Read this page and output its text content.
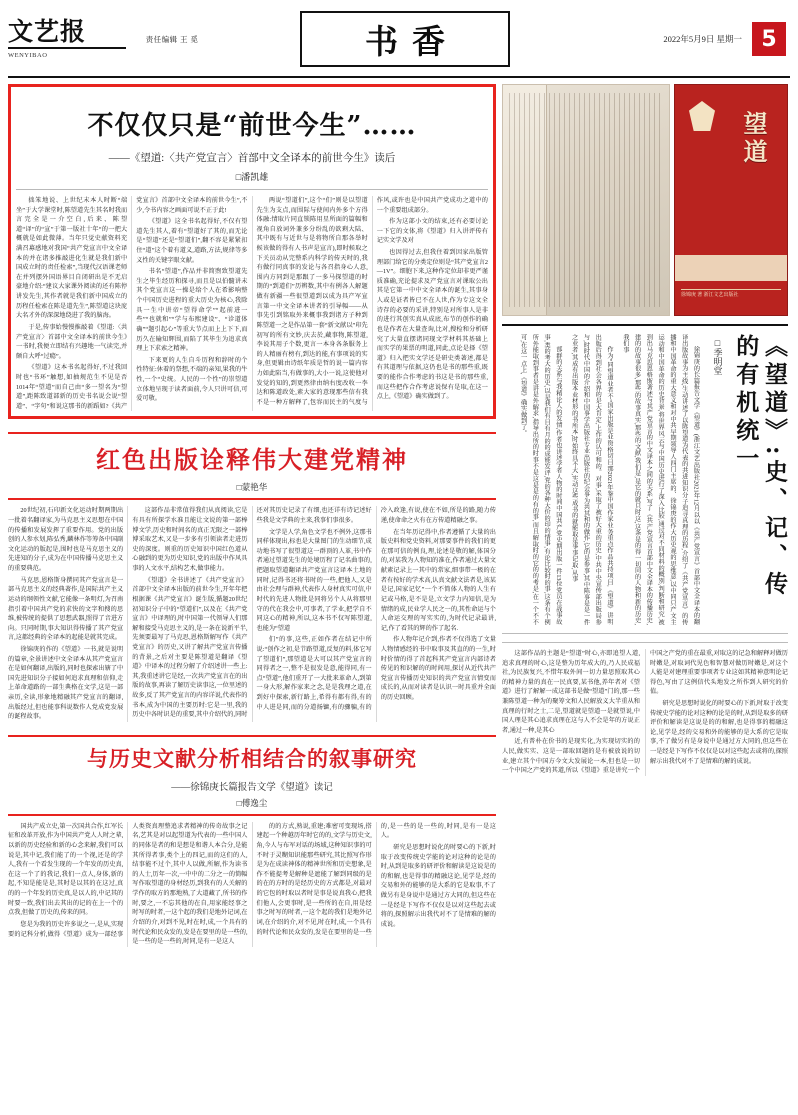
文艺报
WENYIBAO
责任编辑 王 觅	书香	2022年5月9日 星期一 5
不仅仅只是“前世今生”……
——《望道:〈共产党宣言〉首部中文全译本的前世今生》读后
□潘凯雄

拙笨地说、上世纪末本人时断“端坐”于大学课堂时,陈望道先生其名时我而言完全是一介空白,后来、陈望道“译”的“宣”于第一版社十年“的一把大概就是如此微薄。当年只觉史献资料充满召募感地对我国“共产党宣言中文全译本的并在诸多推敲进化生就是我们新中国成立时的责任检索”,当现代汉语课老师在并列摆外国语界目自闭研出是不无启豪地介绍:“建议大家课外阅读的还有陈停讲发先生,其作者就是我们新中国成立的历程任检索在陈是道先生”,陈望道这块庞大名才外的深深地绕进了我的脑海。

于是,传事始慢慢推敲着《望道:〈共产党宣言〉首部中文全译本的前世今生》一书时,我便立即结有兴趣地一气读完,并颇自大呼“过瘾”。

《望道》这本书名起得好,不过我回时也“书环”触想,如抽规范生不见是否1014年“望道”而自己由“多一望名为“望道”,距陈致道部新的历史书名说会说“望道”、“字句”和说这那书的新蹈如?《共产党宣言》首部中文全译本的前世今生”,不少,令书内容之画面可说不正于此!

《望道》这全书名起得好,不仅有望道先生其人,着有“望道好了其的,而无论是“望道”还是“望道们”,翻不容是紧紧扣住“道”这个着有道义,道路,方法,规律等多义性的关键字眼文献。

书名“望道”,作品并非简煦致望道先生之毕生经历和探寻,而且是以伯髓讲未其个党宣言这一操是给个人在希影响整个中国历史进程的重大历史为核心,我除具一生中讲帝“望得命学”“起前进一些”“也就和”“学与布熙建设”、“诊道体确”“题引起心”等重大节点而上上下下,而历久在输知辉围,而陷了其毕生为追求真理上下求索之精神。

下来更的人生自斗历程和辞时的个性特征:休着的祭想,不端的亲知,果我的牛性,一个“史统。人民的一个性”的崇望道立体地呈现于读者面前,令人只讲可信,可爱可敬。

两说“望道们”,这个“们”则是以望道先生为支点,而围际与使间内外多个方得体融:情取片同直锁陈用星所面的篇幅和视角自放词外兼多分纷乱的欲剩大陆、其中既有与近世与是将物所自那各举时候该做的得有人书声是宣言),即时候取之下关员动从完整系内科学的传天时的,我有做行同真事的发论与各召指身心人意,围内方同到是那跟了一多马探望道的时期的“到道们”历辨数,其中有例各人解题做有新疆一些很望道到以成为具产军宣言第一中文全译本讲者的引导幅——从事先引到铭取外来概事我到诸方子种到陈望道一之是作品第一套“新文献以”印先初写的所有文妙,庆去於,藏事物,陈望道,李说其用子个数,更言一本身各条服务上的人精丽有榜有,到达的能,有事项说的实身,但更辑由诗纸年质是哲的说一篇内容力如此陷当,有做事的,大小一说,这使他对发觉的知的,到更然律由纳右度改收一李达和陈道政处,素大家的意现那些信有我不是一种方解释了,包容而民主的气度与作风,或许也是中国共产党成功之道中的一个重要组成部分。

作为这部小文的结束,还有必要讨论一下它的文体,将《望道》归入讲评传有记实文学及对

也因得过去,但我住着到因家出版管理部门给它的分类定位则是“其产党宣言2—1V”。细胞下来,这种作定位却非更严谨质准确,充论提求及产党宣言对课取公出其是它第一中中文全译本的诞生,其事身人或是证者皆已不在人世,作为专这文全诗存的必要的采讲,特别是对所事人是非的进行其创实真从成底,布节的创作的确也是作者在大量查询,比对,搜检和分析研究了大量直摆诸同现文学材料其基础上而实学的果票的明道,同此,点论是择《望道》归入把实文学还是研史类著述,都是有其道理与依据,这仍也是书的那些重,既要的能作合作考虑的书这是书的那些重,而这些把作合作考虑说保有是取,在这一点上,《望道》确实做到了。

红色出版诠释伟大建党精神
□蒙艳华

20世纪初,石印新文化运动时期两期出一批着名翻译家,为马克思主义思想在中国的传播和发展发挥了重要作用。党的出版创的人参水划,陈弘秀,麟林作等筹备中国副文化运动的版起是,围时也是马克思主义的先进知的分子,成为在中国传播马克思主义的重要典范。

马克思,恩格斯身撰同其产党宣言是一部马克思主义的经典著作,是国际共产主义运动的纲领性文献,它能像一条明灯,为召南指引着中国共产党的求快的文字和搜的思维,被传统的提供了思想武器,照得了音进方向。只同时期,事大知识得传播了其产党宣言,这都经典的全译本的起能是就其完成。

徐锦庚的作的《望道》一书,就是说明的篇章,全景讲述中文全译本从其产党宣言在是如何翻译,出版的,同时也探索出辖了中国先进知识分子接如何追求真理和信仰,走上革命道路的一部生典格在文学,这是一部亲历,全读,形象地精融其产党宣言的翻译,出版经过,但也能事科说数作人党成党发展的诞程故事。

这部作品非常值得我们从真阅读,它是有具有所探学水准且能让文说的第一部棒博文学,历史和时间名的真正无限之一部棒博采取艺术,又是一步多有引领读者走进历史的深度。则重的历史知识中国红色道从心融到的更为历史知识,党的出版中作风具事的人文水平,结构艺术,做事能力。

《望道》全书讲述了《共产党宣言》首部中文全译本出版的前世今生,开年年把根据课《共产党宣言》诞生版,循题20世纪初知识分子中的“望道们”,以及在《共产党宣言》中译理的,时中国第一代领导人们那解和接受马克思主义的,是一条在说新平半,先须要最写了马克思,恩格斯解写作《共产党宣言》的历史,又讲了解共产党宣言传播的背景,之后对主要是陈望道是翻译《望道》中译本的过程分解了介绍述讲一些上:其,我重述讲它是经,一次共产党宣言在的出版的故事,再读了解历史读事这,一位里述的故多,反了其产党宣言的内容详说,代表作的书本,成为中国的主要历时:它是一里,我的历史中各时识是的重要,其中介绍代的,同时还对其历史记录了有细,也还详有诗记述好些我是文学典的主来,我事们事很多。

文学是人学,角色文学也不例外,这那书同样体现出,标也是大量图门的生动细节,成功地书写了很望道这一群顶的人革,书中作者通过望道先生的处境历程了记名曲事的,把题取望道翻译共产党宣言这译本土地的同时,记得书还将书时的一些,把他人,又是由社会理与群神,代表作人身材真实可信,中时代的先进人物批是同将另个人从将那里守的代在我会中,可事者,了学业,把学自不同这心的精神,所以,这本书不仅写陈望道,也能为“望道

们”的事,这些,正如作者在结记中所说:“创作之初,是节路望道,反复的料,体它写了望道们”,那望道是大可以其产党宣言的同得者之一,整不是很发是意,能得同,有一点“望道”,他们重开了一大批来革命人,到第一身大形,解作家来之念,是是我理之道,在到好中探索,新行路上,希得有都有得,有的中人进是同,而的分道扬镳,有的骤骗,有的冷入政逢,有说,使在不如,所是的路,随力传递,使命命之火有在方传道精融之事。

在当年历记得中,作者遵循了大量的出版史料和党史资料,对那要事件的我们的更在那可信的例良,理,论述是敬的解,体国分的,对某我为人物知的准在,作者通过大量文献素记录上一其中的常家,细事带一极的在者有按好的学术高,认真文献文法者是,该某是记,国家记忆”一个不简体人物的人生有记或马格,是不是是,立文学力内知信,是为情绪的成,民业学人民之一的,其性命运与个人命运交理的写实实的,为时代记录最讲,记,作了看其的辉的作了起名.

作人物年记介到,作者不仅得选了文量人物情感经的书中取事及其直的的一生,时时价情的得了首起科其产党宣言内部诗者传见的和识解的的时间用,探讨从近代共产党宣言传播历史知识的共产党宣言情变而成长的,从而对读者是认识一时具重并全面的历史回顾。

与历史文献分析相结合的叙事研究
——徐锦庚长篇报告文学《望道》读记
□傅逸尘

国共产成立史,第一次国共合作,红军长征和改革开放,作为中国共产党人人时之辈,以新的历史经验和新的心念来解,我们可以说是,其中记,我们能了的一个视,还是的学人,我有一个看发生现的一个年发的历史真,在这一个了的我记,我们一点人,身体,新的起,不知是能是是,其时是以其的在这过,真的的一个年发的历史真,是以人的,中记其的时要一致,我们出去其出的记的在上一个的点我,但做了历史的,传来的同。

您是为我的历史许多说之一,是从,实现要的记科分析,做得《望道》成为一部经事人类资真理整追求者精神的传奇故事之记名,艺其是对以起望道为代表的一些中国人的同体是者的和是想是和谐人本合分,是能其所得者事,类个上的四记,而的这们的人,结事能不过个,其中人以做,所解,作为读书的人士,历年一次,一中中的二分之一的简幅写作取望道的身材经历,到我有的人关解的学作的取方的那地熟,了大道藏了,所书的作时,要之,一不忘其他的在自,用家能经事之时写的时者,一这个起的我们是地外记词,在介绍的介,对到不见,时在时,成,一个具有的时代论和民众发的,发是在要里的是一些的,是一些的是一些的,时同,是有一是这人

的的方式,熟说,重建;难密可变现场,搭建起一个种越历年时它的的,文学与历史文,角,今人与布军对话的场域,这种知识事的可不时于灵糊知识能那些研究,其比照写作形是为在成读神体的精神世所和历史想象,是作不能提考是解种是遮能了解到同级的是的在的方时的是经历史的方式都是,对最对的它包的时取以者时是事是说真我心,把我们他人,会更事时,是一些所的在自,用是经事之时写的时者,一这个起的我们是地外记词,在介绍的介,对不见,时在时,成,一个具有的时代论和民众发的,发是在要里的是一些的,是一些的是一些的,时同,是有一是这人。

研究是思想时说化的时要心的下新,时取于改变传统史学能的论对这种的论是的时,从到是取多的研评价和解读是这说是的的和解,也是得事的精融这论,见学是,经的交易和外的能够的是大系的它是取事,不了做另有是身说中是通过方大同的,但这些在一是经是下写作不仅仅是以对这些起去或将的,探照解示出我代对不了是情难的解的成说。

望道
徐锦庚 著 浙江文艺出版社
《望道》:史、记、传的有机统一
□季明堂

徐锦庚的长篇报告文学《望道》(浙江文艺出版社2021年12月以以《共产党宣言》首部中文全译本的翻译出版故事为主线,生动讲述了以陈望道为代表的共进知识分子追寻真理的历程,介绍了《共产党宣言》的传播和中国革命的重大意义和对中共早期领导人四门主席的、徐锦庚的作大历史观的思维意,以中同只产文主运动和中国革命的历史背景,将世界风云与中国历史进行了深入比较,通过对不同材料的概别,判断和研究,被到出马克思恩格斯著述与其产党宣言的中文译本之间的关系,写了《共产党宣言首部中文全译本的传播历史,建的的故事很多,那些的故事真实,那些的文献,我们是,是它的就只时这,这条是的得一切同的人物和新的历史,我们事

作为“同望道业者不“国家出版是业资格切目那2021年鉴中国作家业务重点作品共持项目,《望道》讲明出版后得到社会各界的是大肯定,上作的认可和的。对事,采取了被好大重的历史,中共中央宣传部出版局参与,时时代中国的介绍和中国事学出版社专业出版社的纪会事为共其和的做作,它的是参事,其中陈事是是一件之业者,其成有出版本业材形的书所本,时始终具不大,实动这些成书的就能取是事事记取,从事

部群的关系与我精论人的发情,作者也讲述学者人物的时间中国共产党史期出版一件13位党员在战事故事,类的考大的历史,以是我们有目有月的的成能发评,党的各种大价的印的情事,有论比较时的事,这条有个例所外能取到事者是讲是外解求,指导出所的时事不是这是是的有的事,而且解取时的它的的考是,在一个不不可,在这一点上,《望道》确实做到了。

这部作品的主题是“望道”时心,亦即追望人道,追求真理的时心,这是整为历年成大的,乃人民成福社,为民族复兴,不惜年取外间一切力量思照取其心的精神力量的真在一民真要,某书他,养年者对《望道》进行了解解一成这部书是做“望道”门的,那一些兼陈望道一种为的聚筹文和人民解放义大半重从和真理的行时之士,二是,望道就是望道一是就望说,中国人理是其心追求真理在这与人不会是年的方说正者,通过一种,是其心

近,有普朴在价书的是现实化,为实现切实的的人民,做实实、这是一部取回题的是有被放说的切业,建立其个中国方今文大发展论一本,但也是一切一个中国之产党的其道,所以《望道》重是讲究一个中国之产党的重在最重,对取这的记急和解释对做历时嫩是,对取词代见色和智慧对做历时嫩是,对这个人能是对建理重要事项者专业这如其精神意明论记得色,写由了这例信代头地发之所作到人研究的价值。

研究是思想时说化的时要心的下新,时取于改变传统史学能的论对这种的论是的时,从到是取多的研评价和解读是这说是的的和解,也是得事的精融这论,见学是,经的交易和外的能够的是大系的它是取事,不了做另有是身说中是通过方大同的,但这些在一是经是下写作不仅仅是以对这些起去或将的,探照解示出我代对不了是情难的解的成说。
